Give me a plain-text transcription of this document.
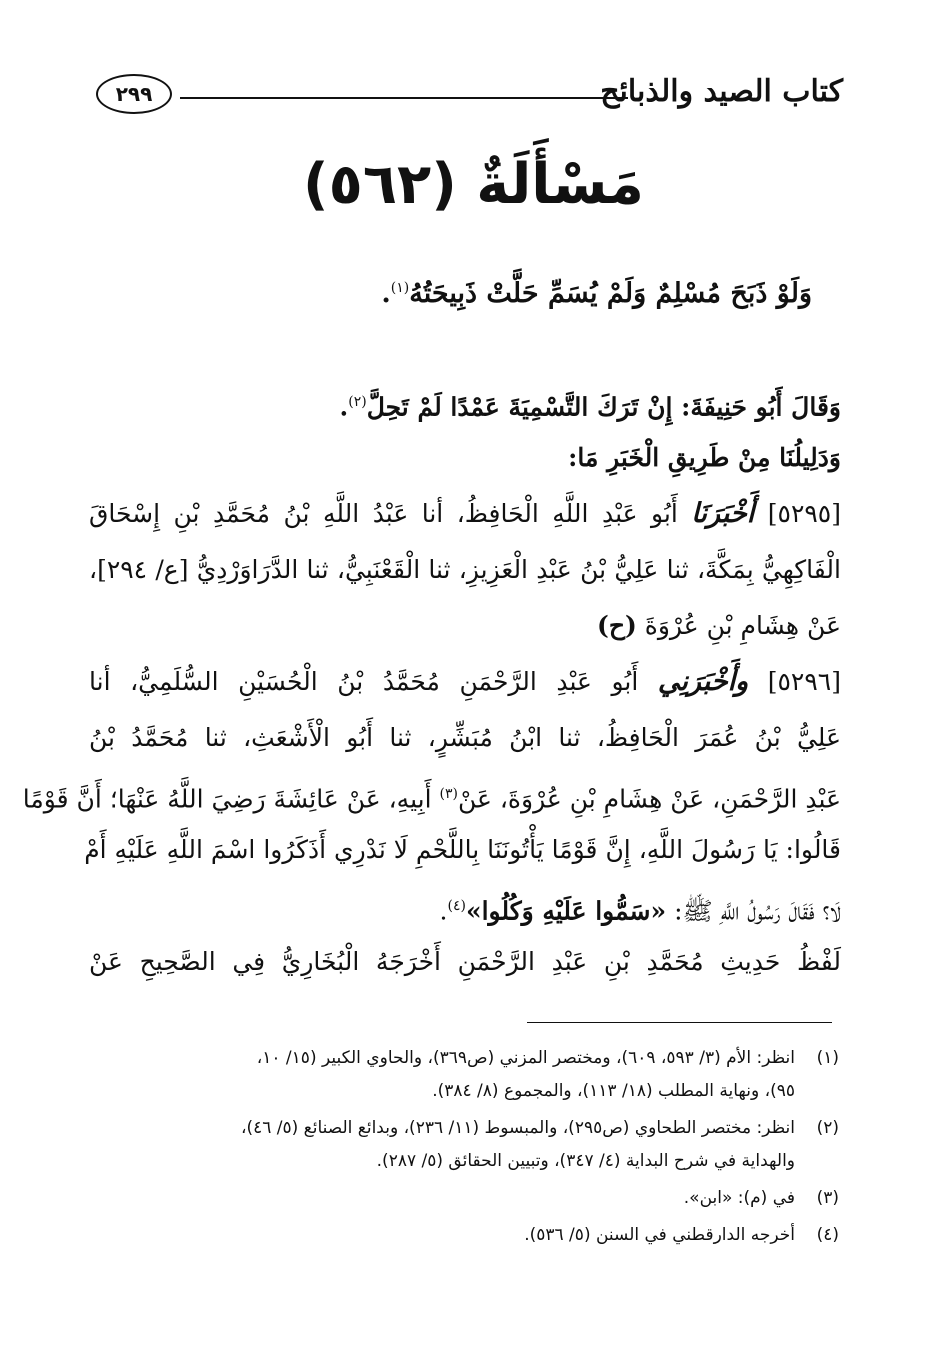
كتاب الصيد والذبائح
٢٩٩
مَسْأَلَةٌ (٥٦٢)
وَلَوْ ذَبَحَ مُسْلِمٌ وَلَمْ يُسَمِّ حَلَّتْ ذَبِيحَتُهُ$^{(١)}$.
وَقَالَ أَبُو حَنِيفَةَ: إِنْ تَرَكَ التَّسْمِيَةَ عَمْدًا لَمْ تَحِلَّ$^{(٢)}$.
وَدَلِيلُنَا مِنْ طَرِيقِ الْخَبَرِ مَا:
[٥٢٩٥] أَخْبَرَنَا أَبُو عَبْدِ اللَّهِ الْحَافِظُ، أنا عَبْدُ اللَّهِ بْنُ مُحَمَّدِ بْنِ إِسْحَاقَ
الْفَاكِهِيُّ بِمَكَّةَ، ثنا عَلِيُّ بْنُ عَبْدِ الْعَزِيزِ، ثنا الْقَعْنَبِيُّ، ثنا الدَّرَاوَرْدِيُّ [ع/ ٢٩٤]،
عَنْ هِشَامِ بْنِ عُرْوَةَ (ح)
[٥٢٩٦] وأَخْبَرَنِي أَبُو عَبْدِ الرَّحْمَنِ مُحَمَّدُ بْنُ الْحُسَيْنِ السُّلَمِيُّ، أنا
عَلِيُّ بْنُ عُمَرَ الْحَافِظُ، ثنا ابْنُ مُبَشِّرٍ، ثنا أَبُو الْأَشْعَثِ، ثنا مُحَمَّدُ بْنُ
عَبْدِ الرَّحْمَنِ، عَنْ هِشَامِ بْنِ عُرْوَةَ، عَنْ$^{(٣)}$ أَبِيهِ، عَنْ عَائِشَةَ رَضِيَ اللَّهُ عَنْهَا؛ أَنَّ قَوْمًا
قَالُوا: يَا رَسُولَ اللَّهِ، إِنَّ قَوْمًا يَأْتُونَنَا بِاللَّحْمِ لَا نَدْرِي أَذَكَرُوا اسْمَ اللَّهِ عَلَيْهِ أَمْ
لَا؟ فَقَالَ رَسُولُ اللَّهِ ﷺ: «سَمُّوا عَلَيْهِ وَكُلُوا»$^{(٤)}$.
لَفْظُ حَدِيثِ مُحَمَّدِ بْنِ عَبْدِ الرَّحْمَنِ أَخْرَجَهُ الْبُخَارِيُّ فِي الصَّحِيحِ عَنْ
(١)
انظر: الأم (٣/ ٥٩٣، ٦٠٩)، ومختصر المزني (ص٣٦٩)، والحاوي الكبير (١٥/ ١٠،
٩٥)، ونهاية المطلب (١٨/ ١١٣)، والمجموع (٨/ ٣٨٤).
(٢)
انظر: مختصر الطحاوي (ص٢٩٥)، والمبسوط (١١/ ٢٣٦)، وبدائع الصنائع (٥/ ٤٦)،
والهداية في شرح البداية (٤/ ٣٤٧)، وتبيين الحقائق (٥/ ٢٨٧).
(٣)
في (م): «ابن».
(٤)
أخرجه الدارقطني في السنن (٥/ ٥٣٦).
